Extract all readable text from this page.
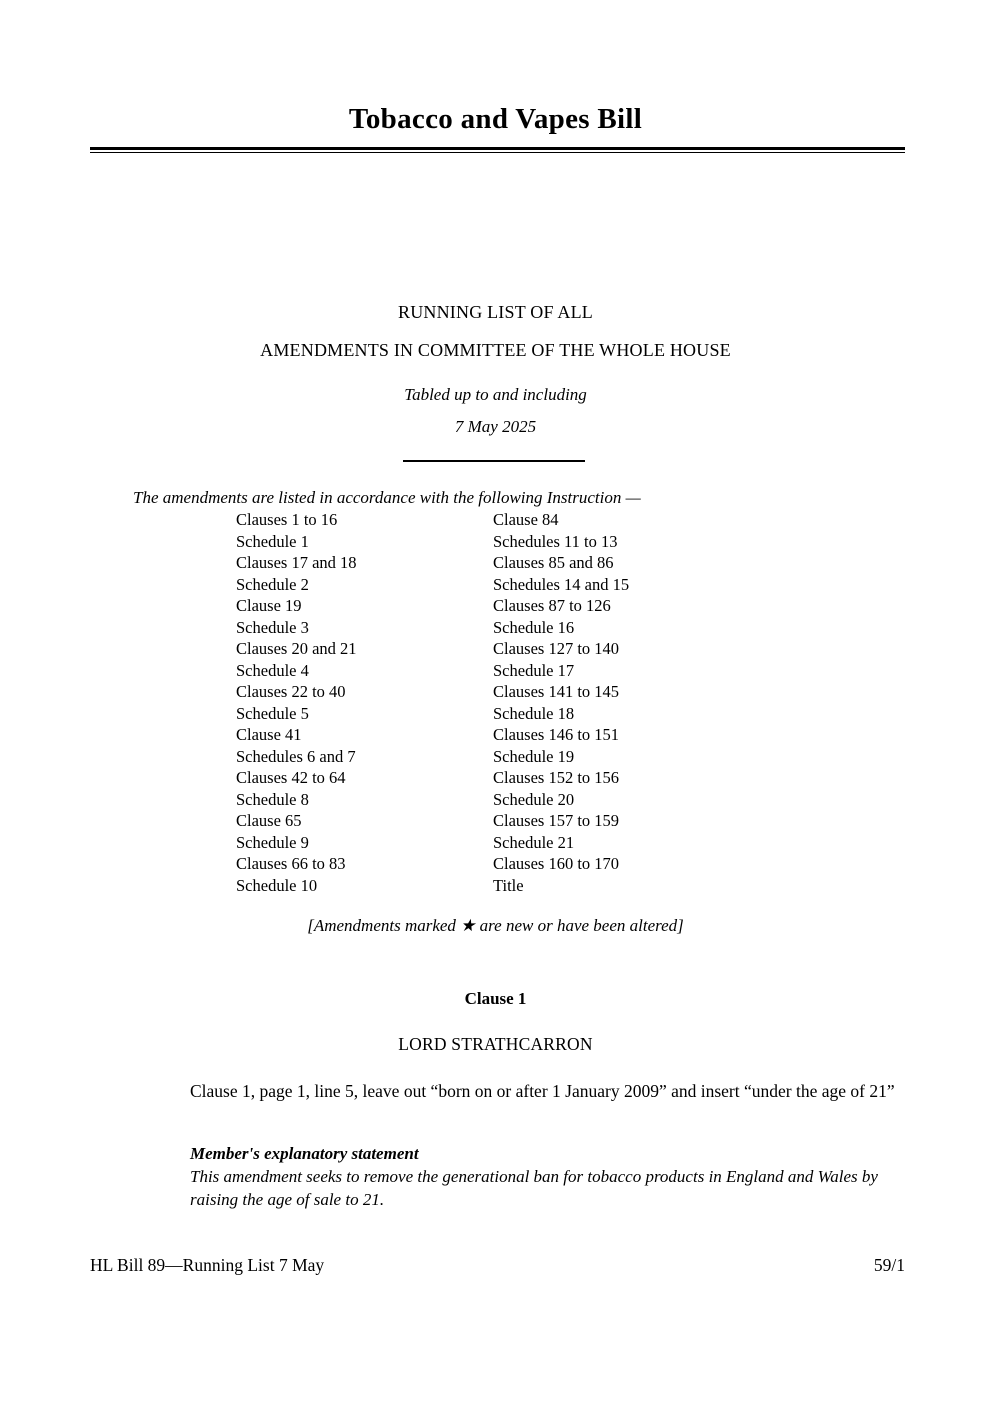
Tobacco and Vapes Bill
RUNNING LIST OF ALL
AMENDMENTS IN COMMITTEE OF THE WHOLE HOUSE
Tabled up to and including
7 May 2025
The amendments are listed in accordance with the following Instruction —
Clauses 1 to 16
Schedule 1
Clauses 17 and 18
Schedule 2
Clause 19
Schedule 3
Clauses 20 and 21
Schedule 4
Clauses 22 to 40
Schedule 5
Clause 41
Schedules 6 and 7
Clauses 42 to 64
Schedule 8
Clause 65
Schedule 9
Clauses 66 to 83
Schedule 10
Clause 84
Schedules 11 to 13
Clauses 85 and 86
Schedules 14 and 15
Clauses 87 to 126
Schedule 16
Clauses 127 to 140
Schedule 17
Clauses 141 to 145
Schedule 18
Clauses 146 to 151
Schedule 19
Clauses 152 to 156
Schedule 20
Clauses 157 to 159
Schedule 21
Clauses 160 to 170
Title
[Amendments marked ★ are new or have been altered]
Clause 1
LORD STRATHCARRON
Clause 1, page 1, line 5, leave out “born on or after 1 January 2009” and insert “under the age of 21”
Member's explanatory statement
This amendment seeks to remove the generational ban for tobacco products in England and Wales by raising the age of sale to 21.
HL Bill 89—Running List 7 May	59/1
